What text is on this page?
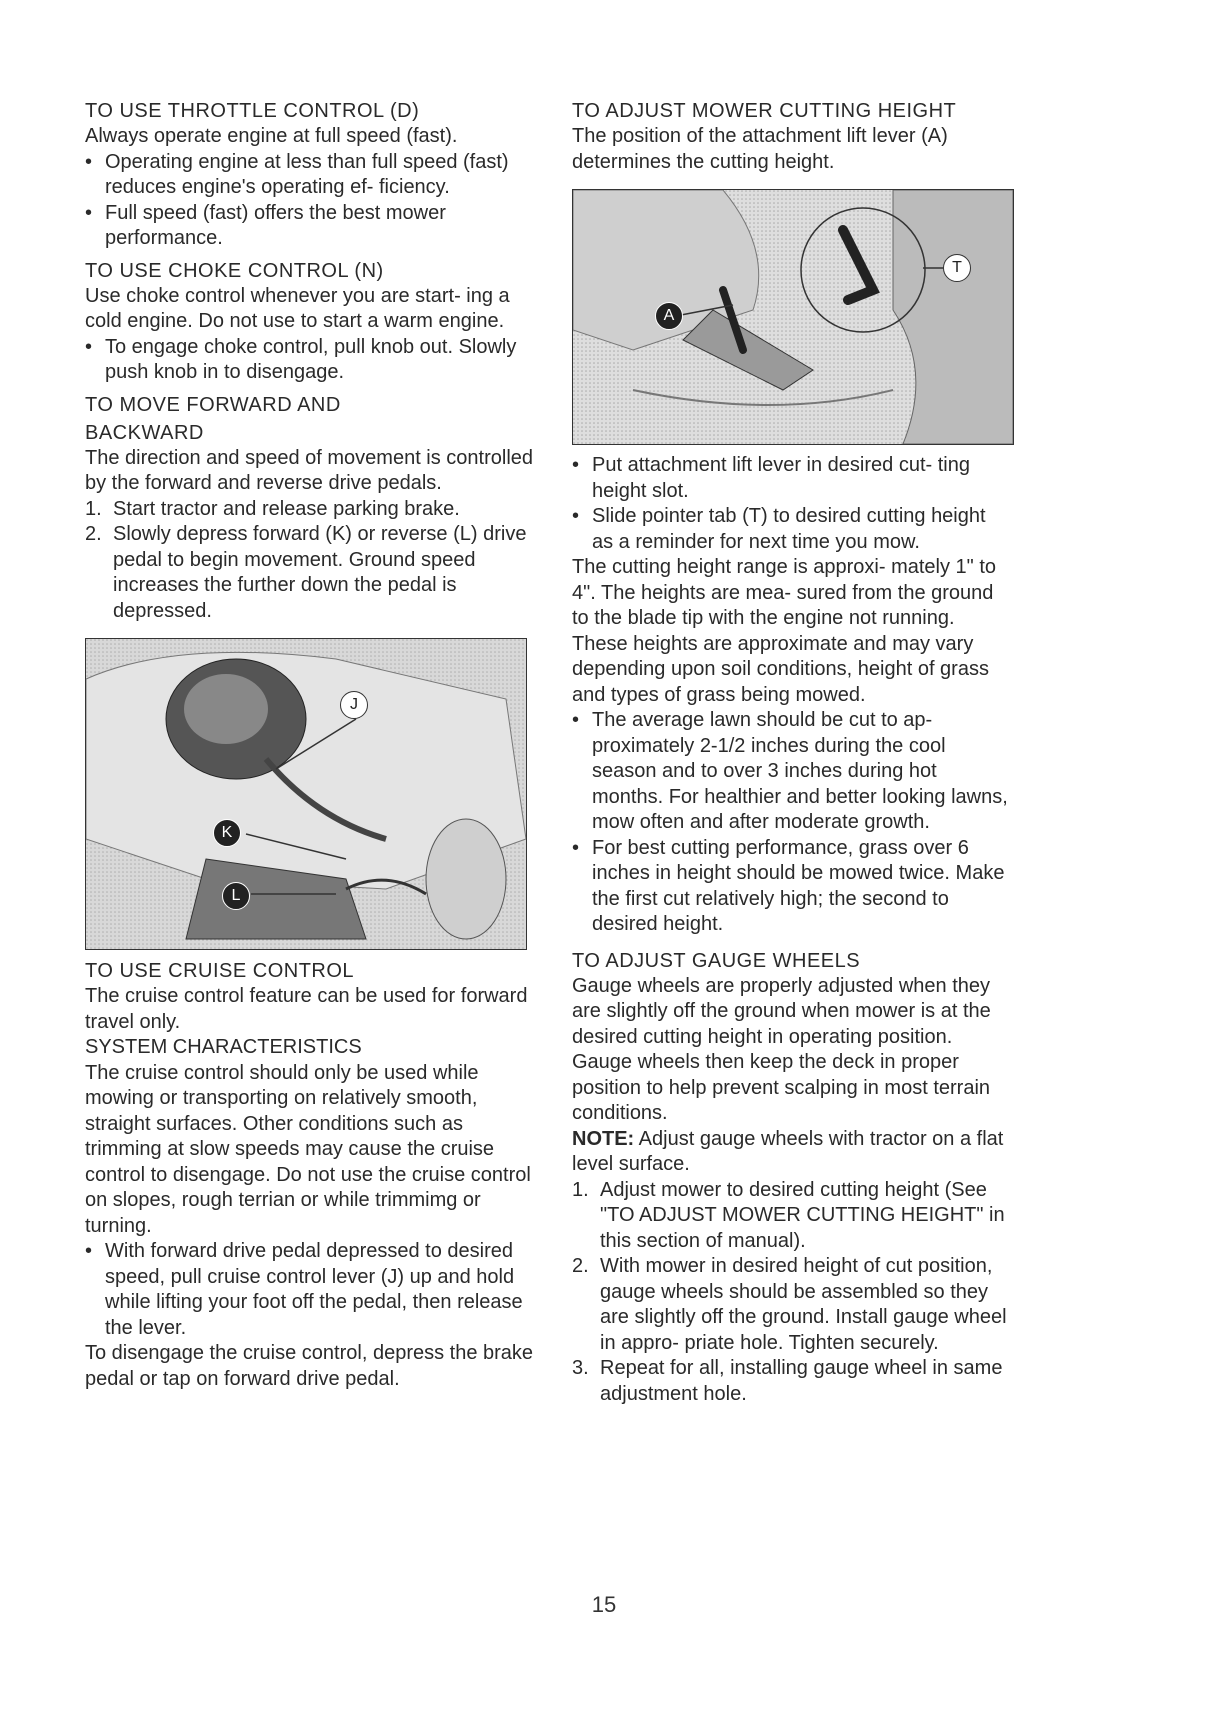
TO USE THROTTLE CONTROL (D)
Always operate engine at full speed (fast).
• Operating engine at less than full speed (fast) reduces engine's operating ef- ficiency.
• Full speed (fast) offers the best mower performance.
TO USE CHOKE CONTROL (N)
Use choke control whenever you are start- ing a cold engine. Do not use to start a warm engine.
• To engage choke control, pull knob out. Slowly push knob in to disengage.
TO MOVE FORWARD AND
BACKWARD
The direction and speed of movement is controlled by the forward and reverse drive pedals.
1. Start tractor and release parking brake.
2. Slowly depress forward (K) or reverse (L) drive pedal to begin movement. Ground speed increases the further down the pedal is depressed.
J
K
L
TO USE CRUISE CONTROL
The cruise control feature can be used for forward travel only.
SYSTEM CHARACTERISTICS
The cruise control should only be used while mowing or transporting on relatively smooth, straight surfaces. Other conditions such as trimming at slow speeds may cause the cruise control to disengage. Do not use the cruise control on slopes, rough terrian or while trimmimg or turning.
• With forward drive pedal depressed to desired speed, pull cruise control lever (J) up and hold while lifting your foot off the pedal, then release the lever.
To disengage the cruise control, depress the brake pedal or tap on forward drive pedal.
TO ADJUST MOWER CUTTING HEIGHT
The position of the attachment lift lever (A) determines the cutting height.
A
T
• Put attachment lift lever in desired cut- ting height slot.
• Slide pointer tab (T) to desired cutting height as a reminder for next time you mow.
The cutting height range is approxi- mately 1" to 4". The heights are mea- sured from the ground to the blade tip with the engine not running. These heights are approximate and may vary depending upon soil conditions, height of grass and types of grass being mowed.
• The average lawn should be cut to ap- proximately 2-1/2 inches during the cool season and to over 3 inches during hot months. For healthier and better looking lawns, mow often and after moderate growth.
• For best cutting performance, grass over 6 inches in height should be mowed twice. Make the first cut relatively high; the second to desired height.
TO ADJUST GAUGE WHEELS
Gauge wheels are properly adjusted when they are slightly off the ground when mower is at the desired cutting height in operating position. Gauge wheels then keep the deck in proper position to help prevent scalping in most terrain conditions.
NOTE: Adjust gauge wheels with tractor on a flat level surface.
1. Adjust mower to desired cutting height (See "TO ADJUST MOWER CUTTING HEIGHT" in this section of manual).
2. With mower in desired height of cut position, gauge wheels should be assembled so they are slightly off the ground. Install gauge wheel in appro- priate hole. Tighten securely.
3. Repeat for all, installing gauge wheel in same adjustment hole.
15
